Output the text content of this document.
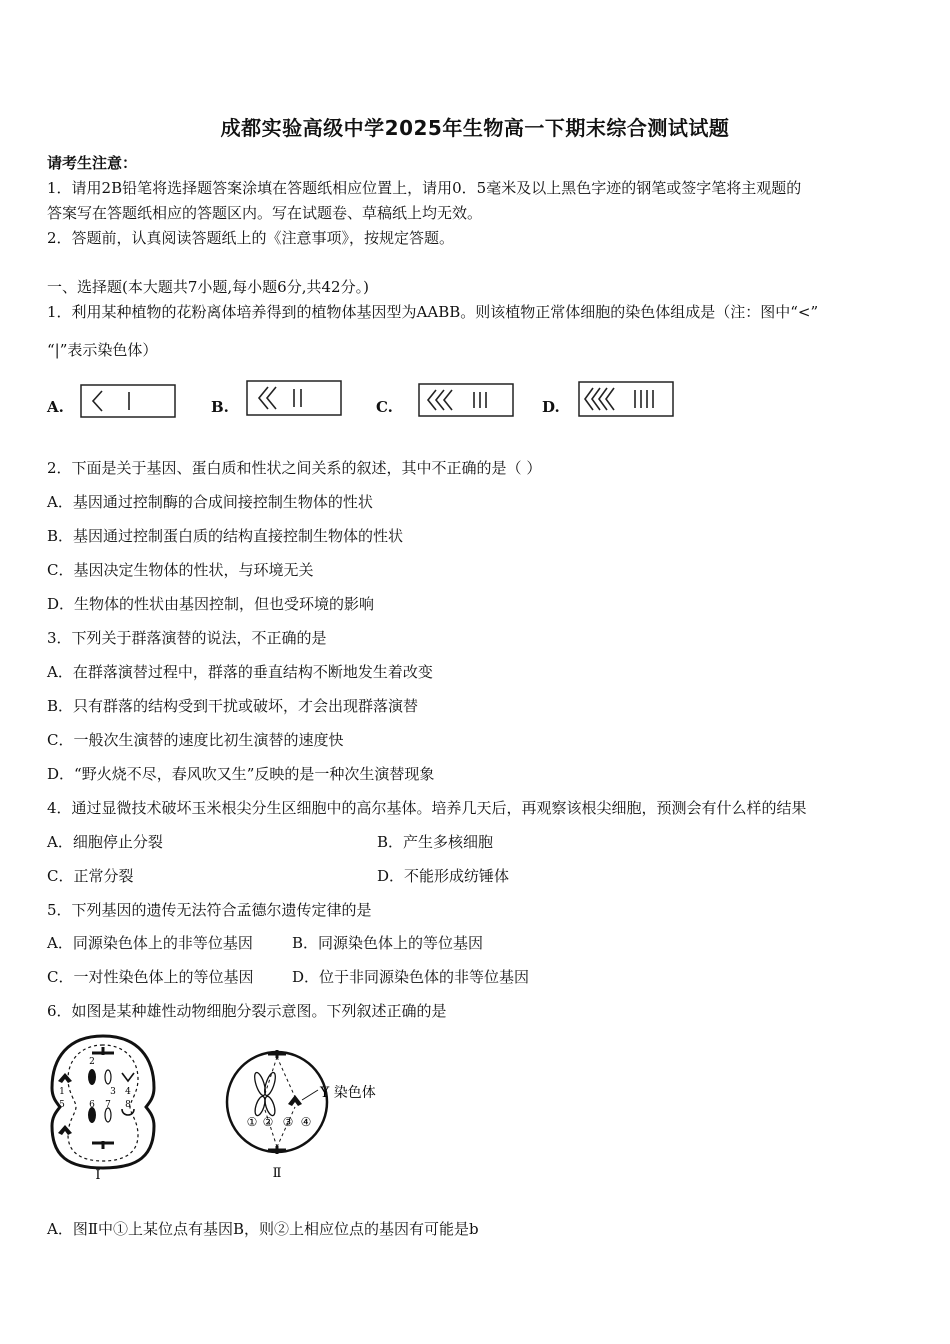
成都实验高级中学2025年生物高一下期末综合测试试题
请考生注意：
1．请用2B铅笔将选择题答案涂填在答题纸相应位置上，请用0．5毫米及以上黑色字迹的钢笔或签字笔将主观题的
答案写在答题纸相应的答题区内。写在试题卷、草稿纸上均无效。
2．答题前，认真阅读答题纸上的《注意事项》，按规定答题。
一、选择题(本大题共7小题,每小题6分,共42分。)
1．利用某种植物的花粉离体培养得到的植物体基因型为AABB。则该植物正常体细胞的染色体组成是（注：图中“<”
“|”表示染色体）
A.	B.	C.	D.
2．下面是关于基因、蛋白质和性状之间关系的叙述，其中不正确的是（ ）
A．基因通过控制酶的合成间接控制生物体的性状
B．基因通过控制蛋白质的结构直接控制生物体的性状
C．基因决定生物体的性状，与环境无关
D．生物体的性状由基因控制，但也受环境的影响
3．下列关于群落演替的说法，不正确的是
A．在群落演替过程中，群落的垂直结构不断地发生着改变
B．只有群落的结构受到干扰或破坏，才会出现群落演替
C．一般次生演替的速度比初生演替的速度快
D．“野火烧不尽，春风吹又生”反映的是一种次生演替现象
4．通过显微技术破坏玉米根尖分生区细胞中的高尔基体。培养几天后，再观察该根尖细胞，预测会有什么样的结果
A．细胞停止分裂	B．产生多核细胞
C．正常分裂	D．不能形成纺锤体
5．下列基因的遗传无法符合孟德尔遗传定律的是
A．同源染色体上的非等位基因	B．同源染色体上的等位基因
C．一对性染色体上的等位基因	D．位于非同源染色体的非等位基因
6．如图是某种雄性动物细胞分裂示意图。下列叙述正确的是
1
2
3 4
5	6 7 8
Ⅰ
Y 染色体
① ② ③ ④
Ⅱ
A．图Ⅱ中①上某位点有基因B，则②上相应位点的基因有可能是b
